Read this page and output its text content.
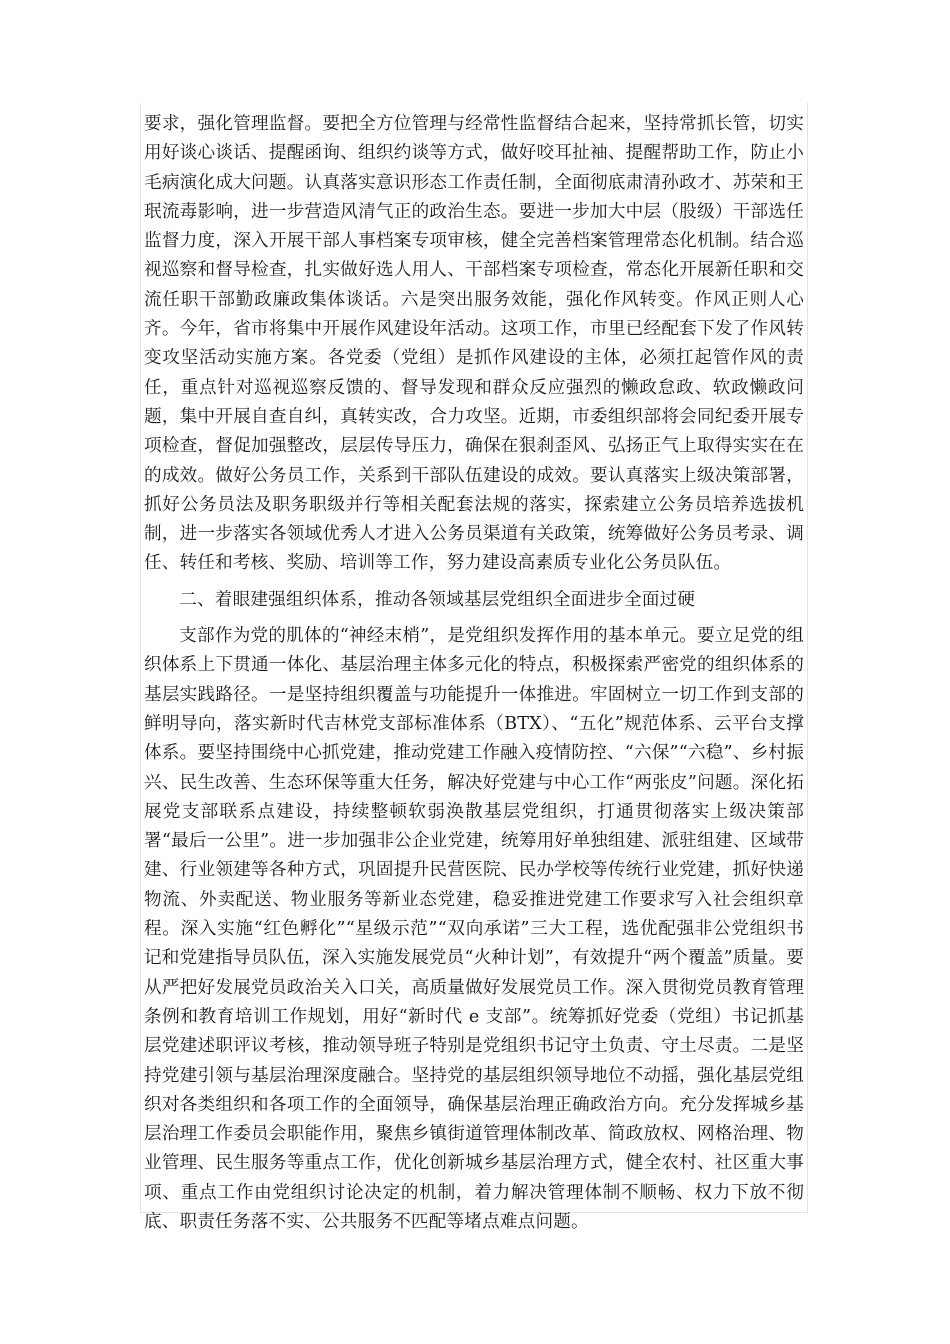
要求，强化管理监督。要把全方位管理与经常性监督结合起来，坚持常抓长管，切实用好谈心谈话、提醒函询、组织约谈等方式，做好咬耳扯袖、提醒帮助工作，防止小毛病演化成大问题。认真落实意识形态工作责任制，全面彻底肃清孙政才、苏荣和王珉流毒影响，进一步营造风清气正的政治生态。要进一步加大中层（股级）干部选任监督力度，深入开展干部人事档案专项审核，健全完善档案管理常态化机制。结合巡视巡察和督导检查，扎实做好选人用人、干部档案专项检查，常态化开展新任职和交流任职干部勤政廉政集体谈话。六是突出服务效能，强化作风转变。作风正则人心齐。今年，省市将集中开展作风建设年活动。这项工作，市里已经配套下发了作风转变攻坚活动实施方案。各党委（党组）是抓作风建设的主体，必须扛起管作风的责任，重点针对巡视巡察反馈的、督导发现和群众反应强烈的懒政怠政、软政懒政问题，集中开展自查自纠，真转实改，合力攻坚。近期，市委组织部将会同纪委开展专项检查，督促加强整改，层层传导压力，确保在狠刹歪风、弘扬正气上取得实实在在的成效。做好公务员工作，关系到干部队伍建设的成效。要认真落实上级决策部署，抓好公务员法及职务职级并行等相关配套法规的落实，探索建立公务员培养选拔机制，进一步落实各领域优秀人才进入公务员渠道有关政策，统筹做好公务员考录、调任、转任和考核、奖励、培训等工作，努力建设高素质专业化公务员队伍。

二、着眼建强组织体系，推动各领域基层党组织全面进步全面过硬

支部作为党的肌体的“神经末梢”，是党组织发挥作用的基本单元。要立足党的组织体系上下贯通一体化、基层治理主体多元化的特点，积极探索严密党的组织体系的基层实践路径。一是坚持组织覆盖与功能提升一体推进。牢固树立一切工作到支部的鲜明导向，落实新时代吉林党支部标准体系（BTX）、“五化”规范体系、云平台支撑体系。要坚持围绕中心抓党建，推动党建工作融入疫情防控、“六保”“六稳”、乡村振兴、民生改善、生态环保等重大任务，解决好党建与中心工作“两张皮”问题。深化拓展党支部联系点建设，持续整顿软弱涣散基层党组织，打通贯彻落实上级决策部署“最后一公里”。进一步加强非公企业党建，统筹用好单独组建、派驻组建、区域带建、行业领建等各种方式，巩固提升民营医院、民办学校等传统行业党建，抓好快递物流、外卖配送、物业服务等新业态党建，稳妥推进党建工作要求写入社会组织章程。深入实施“红色孵化”“星级示范”“双向承诺”三大工程，选优配强非公党组织书记和党建指导员队伍，深入实施发展党员“火种计划”，有效提升“两个覆盖”质量。要从严把好发展党员政治关入口关，高质量做好发展党员工作。深入贯彻党员教育管理条例和教育培训工作规划，用好“新时代 e 支部”。统筹抓好党委（党组）书记抓基层党建述职评议考核，推动领导班子特别是党组织书记守土负责、守土尽责。二是坚持党建引领与基层治理深度融合。坚持党的基层组织领导地位不动摇，强化基层党组织对各类组织和各项工作的全面领导，确保基层治理正确政治方向。充分发挥城乡基层治理工作委员会职能作用，聚焦乡镇街道管理体制改革、简政放权、网格治理、物业管理、民生服务等重点工作，优化创新城乡基层治理方式，健全农村、社区重大事项、重点工作由党组织讨论决定的机制，着力解决管理体制不顺畅、权力下放不彻底、职责任务落不实、公共服务不匹配等堵点难点问题。
